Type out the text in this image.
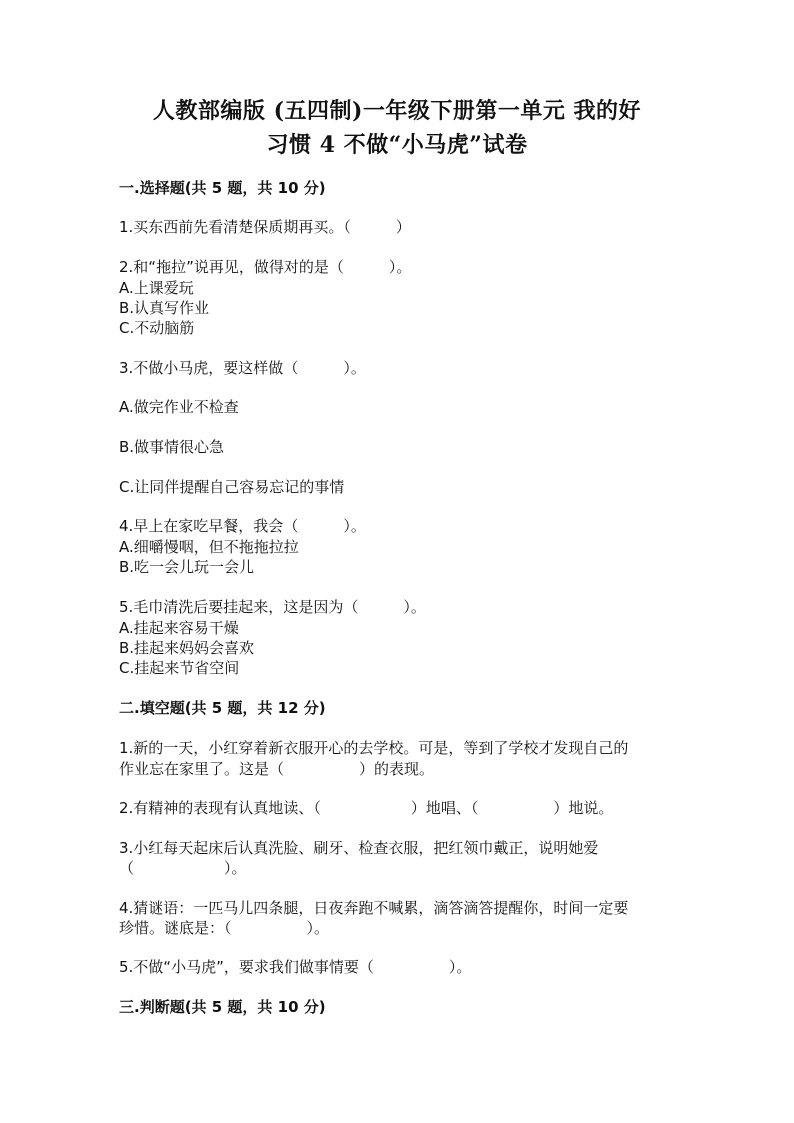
人教部编版 (五四制)一年级下册第一单元 我的好
习惯 4 不做“小马虎”试卷
一.选择题(共 5 题，共 10 分)
1.买东西前先看清楚保质期再买。（　　　）
2.和“拖拉”说再见，做得对的是（　　　）。
A.上课爱玩
B.认真写作业
C.不动脑筋
3.不做小马虎，要这样做（　　　）。
A.做完作业不检查
B.做事情很心急
C.让同伴提醒自己容易忘记的事情
4.早上在家吃早餐，我会（　　　）。
A.细嚼慢咽，但不拖拖拉拉
B.吃一会儿玩一会儿
5.毛巾清洗后要挂起来，这是因为（　　　）。
A.挂起来容易干燥
B.挂起来妈妈会喜欢
C.挂起来节省空间
二.填空题(共 5 题，共 12 分)
1.新的一天，小红穿着新衣服开心的去学校。可是，等到了学校才发现自己的
作业忘在家里了。这是（　　　　　）的表现。
2.有精神的表现有认真地读、（　　　　　　）地唱、（　　　　　）地说。
3.小红每天起床后认真洗脸、刷牙、检查衣服，把红领巾戴正，说明她爱
（　　　　　　）。
4.猜谜语：一匹马儿四条腿，日夜奔跑不喊累，滴答滴答提醒你，时间一定要
珍惜。谜底是：（　　　　　）。
5.不做“小马虎”，要求我们做事情要（　　　　　）。
三.判断题(共 5 题，共 10 分)
